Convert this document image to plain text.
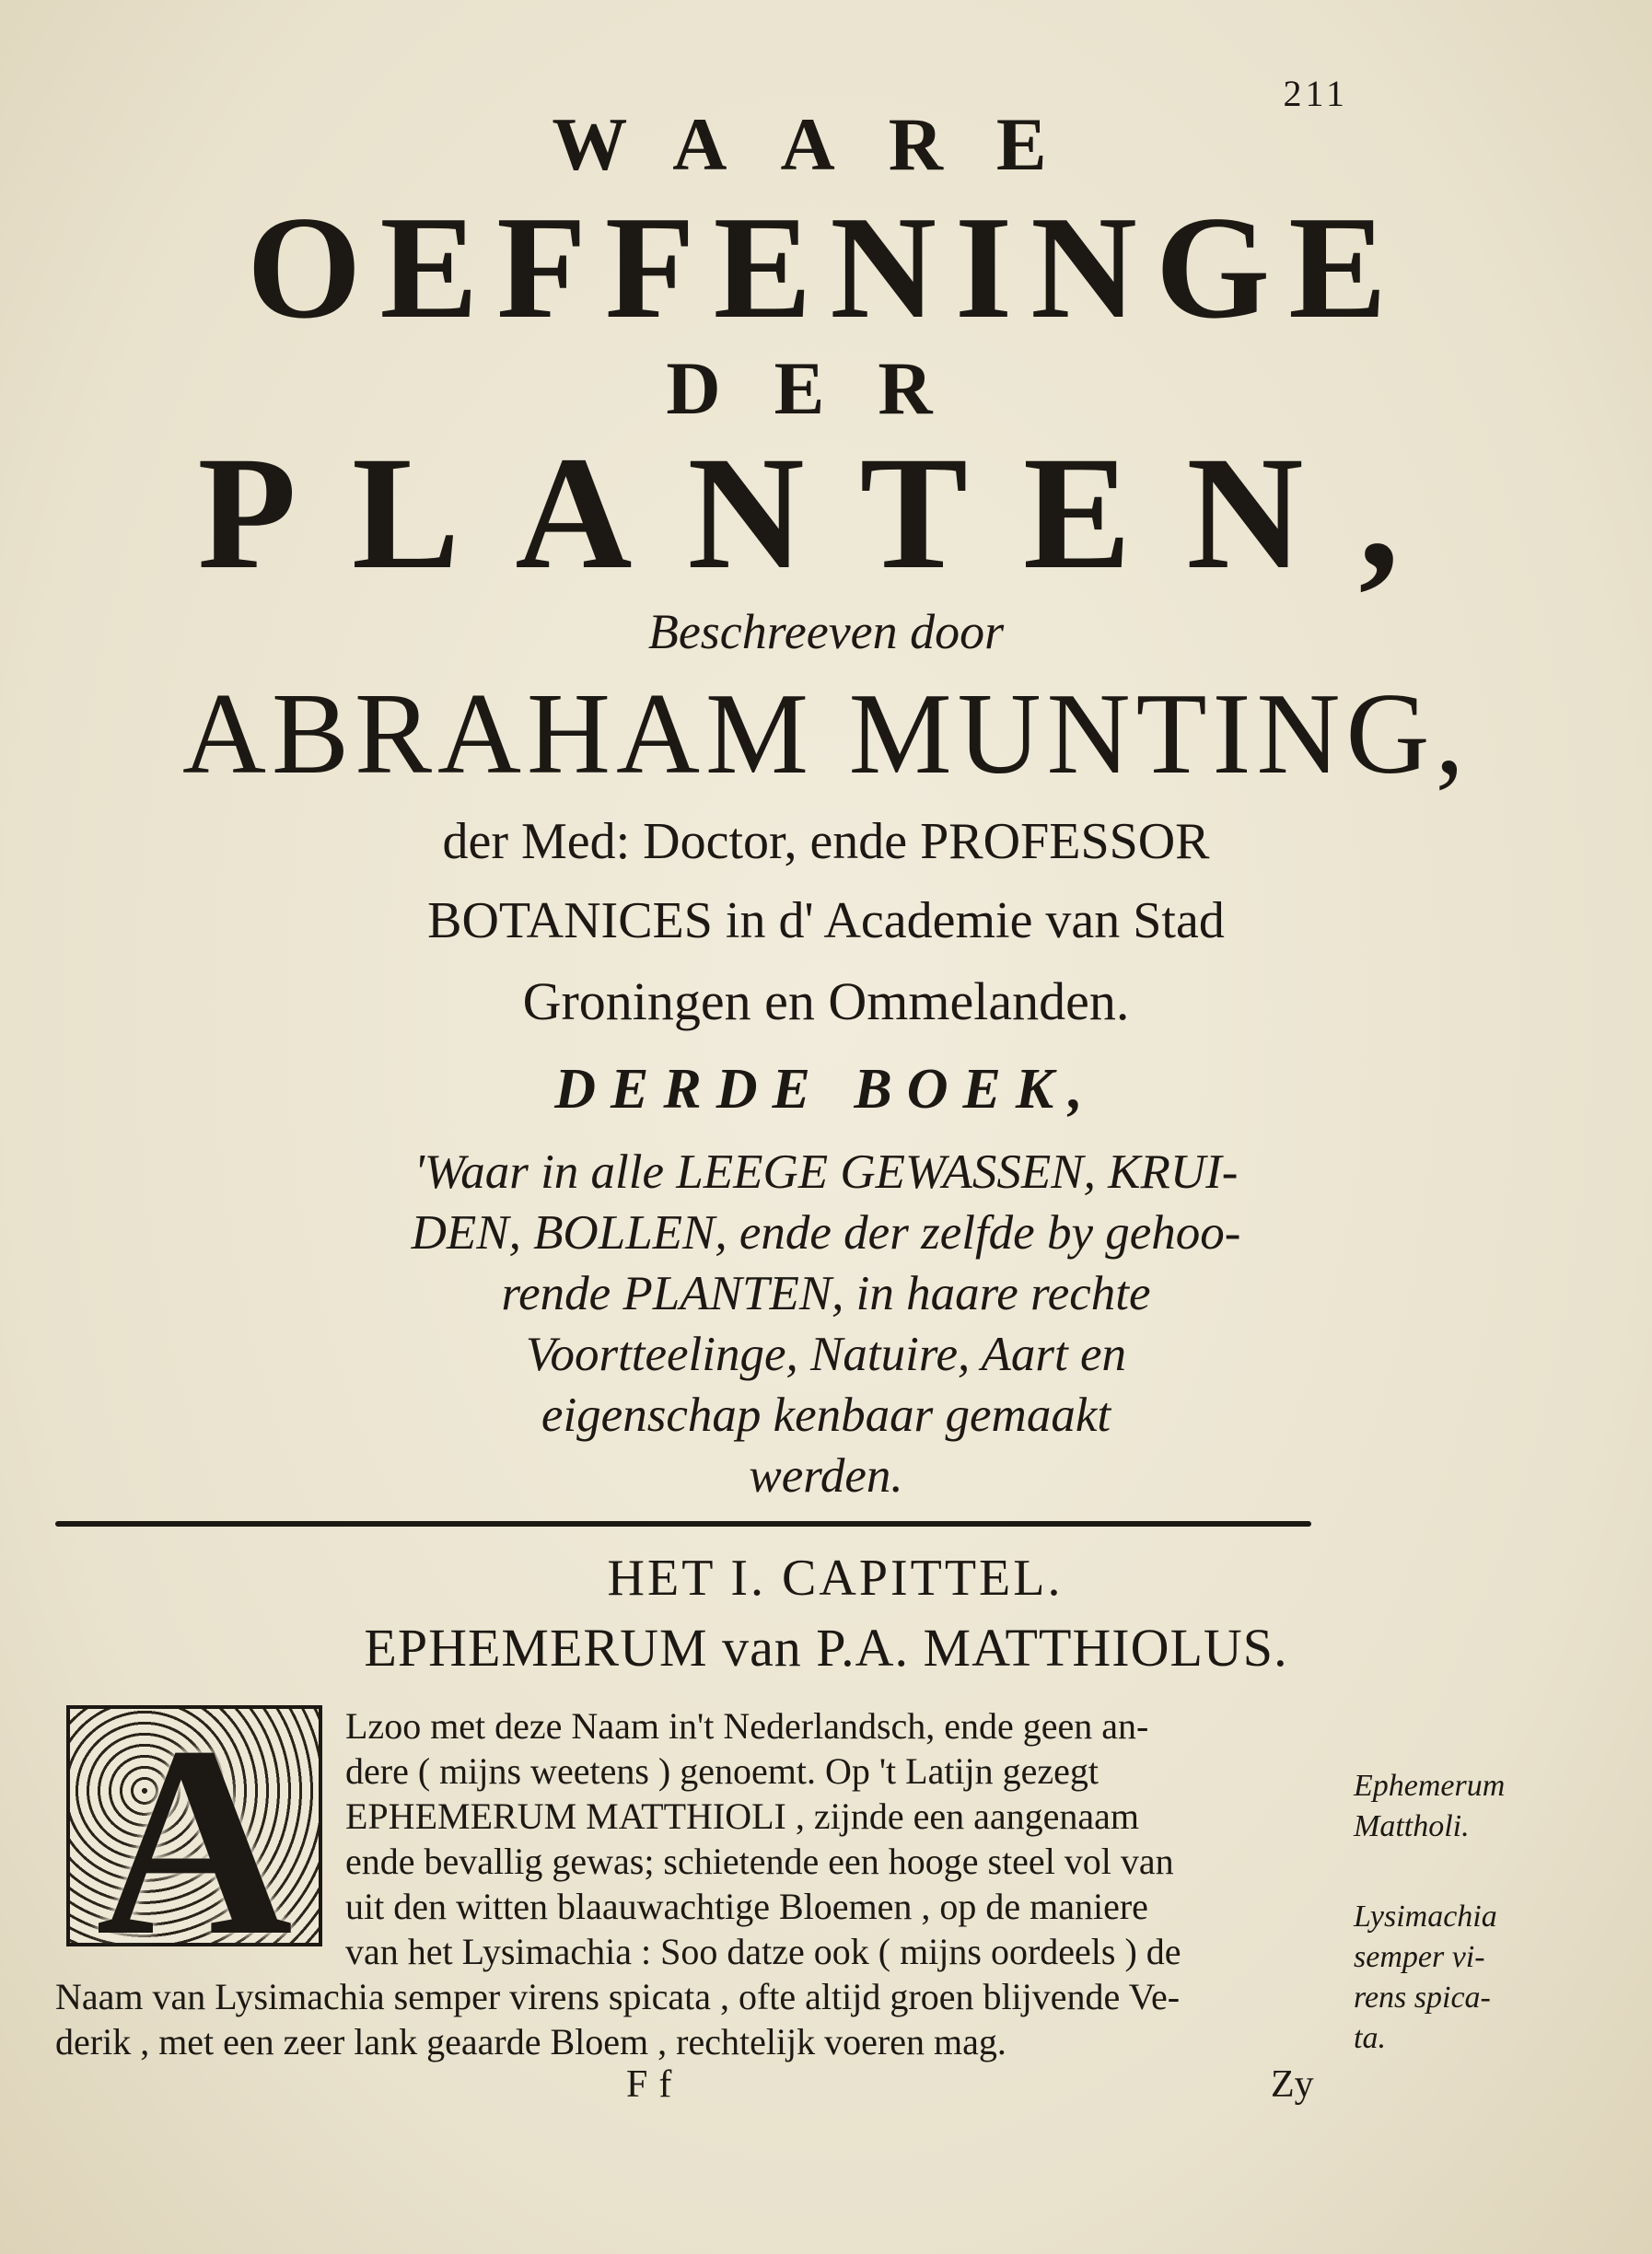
211
WAARE
OEFFENINGE
DER
PLANTEN,
Beschreeven door
ABRAHAM MUNTING,
der Med: Doctor, ende PROFESSOR
BOTANICES in d' Academie van Stad
Groningen en Ommelanden.
DERDE BOEK,
'Waar in alle LEEGE GEWASSEN, KRUI-
DEN, BOLLEN, ende der zelfde by gehoo-
rende PLANTEN, in haare rechte
Voortteelinge, Natuire, Aart en
eigenschap kenbaar gemaakt
werden.
HET I. CAPITTEL.
EPHEMERUM van P.A. MATTHIOLUS.
A	Lzoo met deze Naam in't Nederlandsch, ende geen an-
dere ( mijns weetens ) genoemt. Op 't Latijn gezegt
EPHEMERUM MATTHIOLI , zijnde een aangenaam
ende bevallig gewas; schietende een hooge steel vol van
uit den witten blaauwachtige Bloemen , op de maniere
van het Lysimachia : Soo datze ook ( mijns oordeels ) de
Naam van Lysimachia semper virens spicata , ofte altijd groen blijvende Ve-
derik , met een zeer lank geaarde Bloem , rechtelijk voeren mag.
Ephemerum
Mattholi.
Lysimachia
semper vi-
rens spica-
ta.
Ff	Zy
